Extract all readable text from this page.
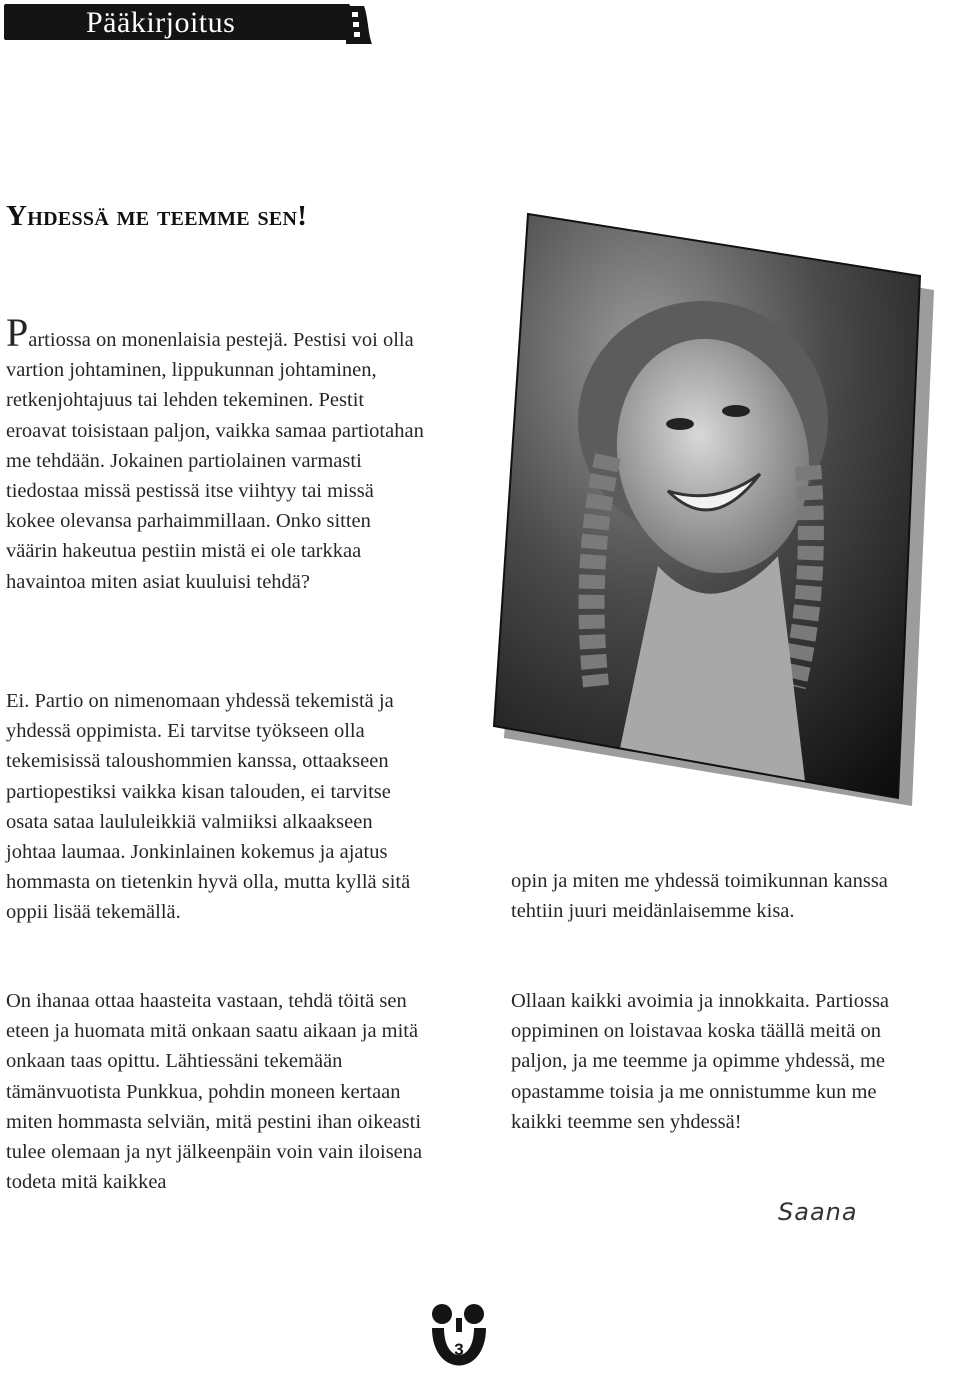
Pääkirjoitus
Yhdessä me teemme sen!

Partiossa on monenlaisia pestejä. Pestisi voi olla vartion johtaminen, lippukunnan johtaminen, retkenjohtajuus tai lehden tekeminen. Pestit eroavat toisistaan paljon, vaikka samaa partiotahan me tehdään. Jokainen partiolainen varmasti tiedostaa missä pestissä itse viihtyy tai missä kokee olevansa parhaimmillaan. Onko sitten väärin hakeutua pestiin mistä ei ole tarkkaa havaintoa miten asiat kuuluisi tehdä?

Ei. Partio on nimenomaan yhdessä tekemistä ja yhdessä oppimista. Ei tarvitse työkseen olla tekemisissä taloushommien kanssa, ottaakseen partiopestiksi vaikka kisan talouden, ei tarvitse osata sataa laululeikkiä valmiiksi alkaakseen johtaa laumaa. Jonkinlainen kokemus ja ajatus hommasta on tietenkin hyvä olla, mutta kyllä sitä oppii lisää tekemällä.

On ihanaa ottaa haasteita vastaan, tehdä töitä sen eteen ja huomata mitä onkaan saatu aikaan ja mitä onkaan taas opittu. Lähtiessäni tekemään tämänvuotista Punkkua, pohdin moneen kertaan miten hommasta selviän, mitä pestini ihan oikeasti tulee olemaan ja nyt jälkeenpäin voin vain iloisena todeta mitä kaikkea

opin ja miten me yhdessä toimikunnan kanssa tehtiin juuri meidänlaisemme kisa.

Ollaan kaikki avoimia ja innokkaita. Partiossa oppiminen on loistavaa koska täällä meitä on paljon, ja me teemme ja opimme yhdessä, me opastamme toisia ja me onnistumme kun me kaikki teemme sen yhdessä!

Saana
3
